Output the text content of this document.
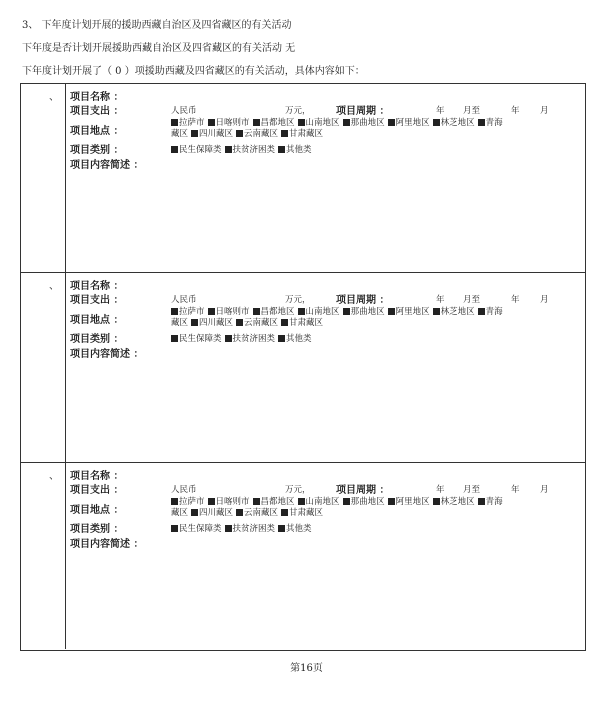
3、 下年度计划开展的援助西藏自治区及四省藏区的有关活动
下年度是否计划开展援助西藏自治区及四省藏区的有关活动 无
下年度计划开展了（ 0 ）项援助西藏及四省藏区的有关活动，具体内容如下：
、 项目名称 ：
项目支出 ：	人民币	万元，	项目周期 ：	年 月至	年 月
项目地点 ：
拉萨市 日喀则市 昌都地区 山南地区 那曲地区 阿里地区 林芝地区 青海
藏区 四川藏区 云南藏区 甘肃藏区
项目类别 ：	民生保障类 扶贫济困类 其他类
项目内容简述 ：
、 项目名称 ：
项目支出 ：	人民币	万元，	项目周期 ：	年 月至	年 月
项目地点 ：
拉萨市 日喀则市 昌都地区 山南地区 那曲地区 阿里地区 林芝地区 青海
藏区 四川藏区 云南藏区 甘肃藏区
项目类别 ：	民生保障类 扶贫济困类 其他类
项目内容简述 ：
、 项目名称 ：
项目支出 ：	人民币	万元，	项目周期 ：	年 月至	年 月
项目地点 ：
拉萨市 日喀则市 昌都地区 山南地区 那曲地区 阿里地区 林芝地区 青海
藏区 四川藏区 云南藏区 甘肃藏区
项目类别 ：	民生保障类 扶贫济困类 其他类
项目内容简述 ：
第16页
